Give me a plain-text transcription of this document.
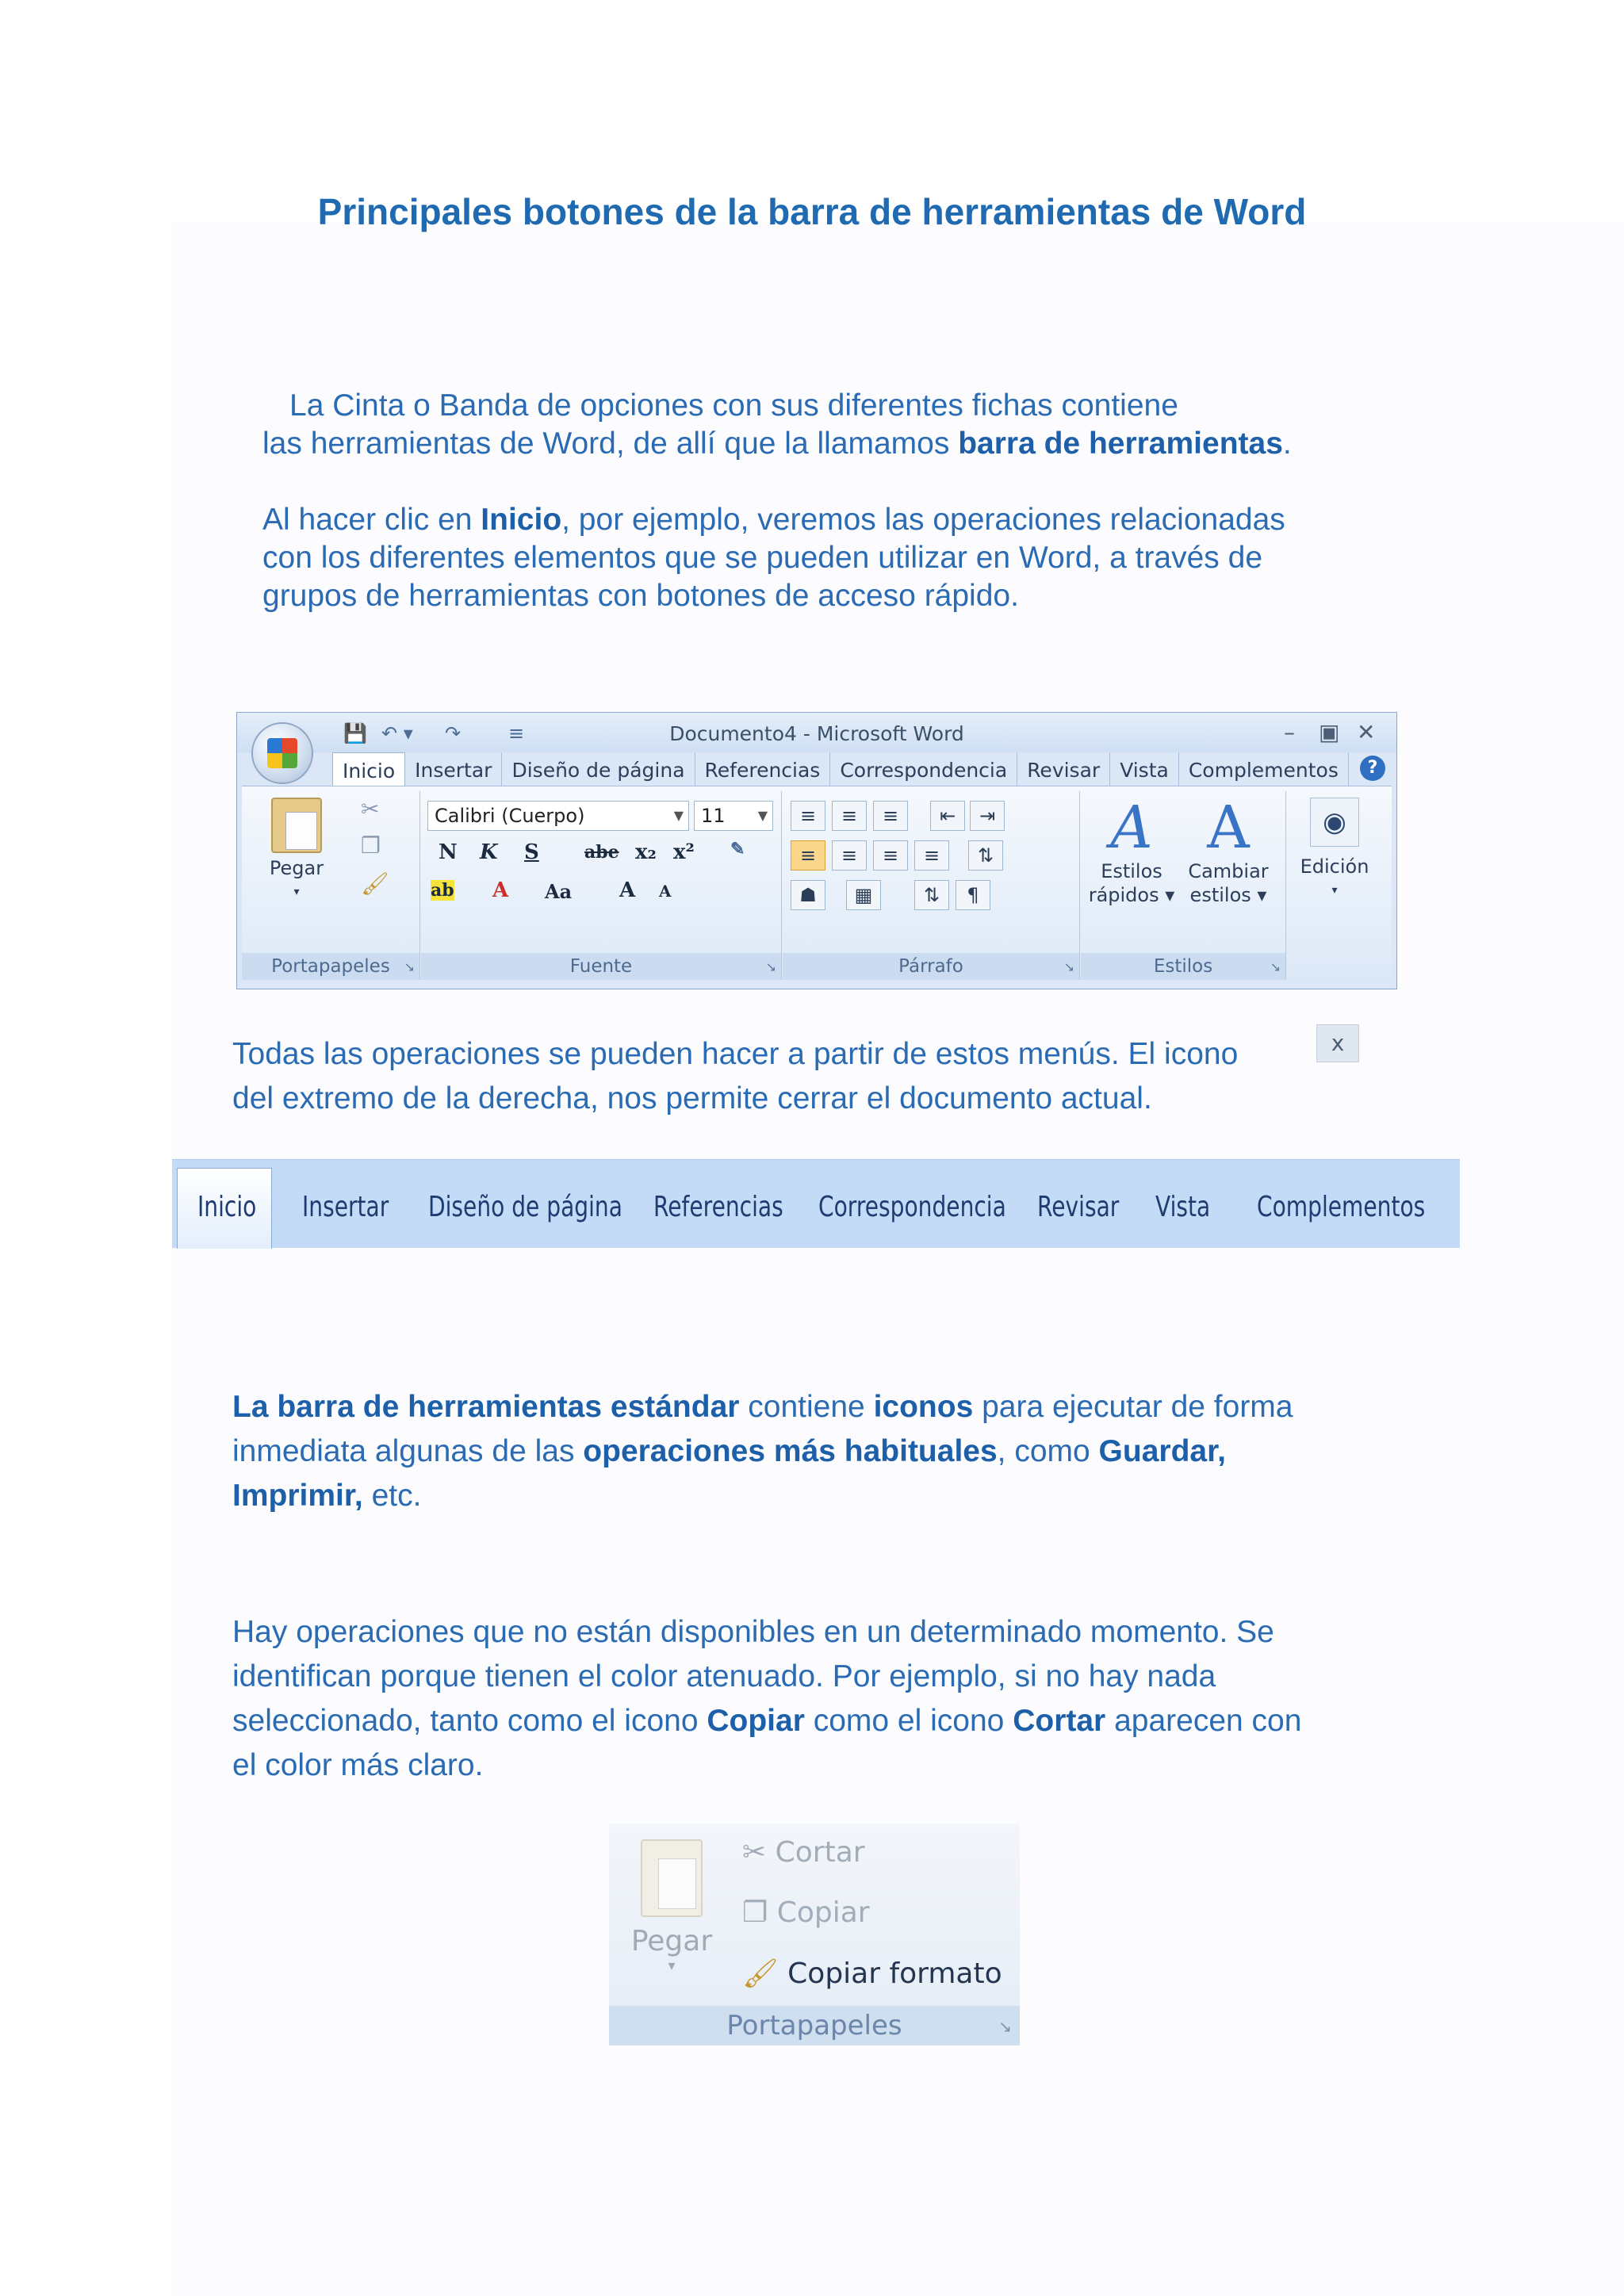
Principales botones de la barra de herramientas de Word
La Cinta o Banda de opciones con sus diferentes fichas contiene
las herramientas de Word, de allí que la llamamos barra de herramientas.
Al hacer clic en Inicio, por ejemplo, veremos las operaciones relacionadas
con los diferentes elementos que se pueden utilizar en Word, a través de
grupos de herramientas con botones de acceso rápido.
💾 ↶ ▾ ↷ ≡	Documento4 - Microsoft Word	– ▣ ✕
Inicio	Insertar	Diseño de página	Referencias	Correspondencia	Revisar	Vista	Complementos	?
Pegar
▾
✂
❐
🖌
Portapapeles	↘
Calibri (Cuerpo)	▼ 11	▼
N K S	abe x₂ x² ✎
ab A Aa A A
Fuente	↘
≡	≡	≡	⇤	⇥
≡	≡	≡	≡	⇅
☗	▦	⇅	¶
Párrafo	↘
A
Estilos
rápidos ▾
A
Cambiar
estilos ▾
Estilos	↘
◉
Edición
▾
Todas las operaciones se pueden hacer a partir de estos menús. El icono
del extremo de la derecha, nos permite cerrar el documento actual.
x
Inicio Insertar Diseño de página Referencias Correspondencia Revisar Vista Complementos
La barra de herramientas estándar contiene iconos para ejecutar de forma
inmediata algunas de las operaciones más habituales, como Guardar,
Imprimir, etc.
Hay operaciones que no están disponibles en un determinado momento. Se
identifican porque tienen el color atenuado. Por ejemplo, si no hay nada
seleccionado, tanto como el icono Copiar como el icono Cortar aparecen con
el color más claro.
Pegar
▾
✂ Cortar
❐ Copiar
🖌 Copiar formato
Portapapeles	↘
